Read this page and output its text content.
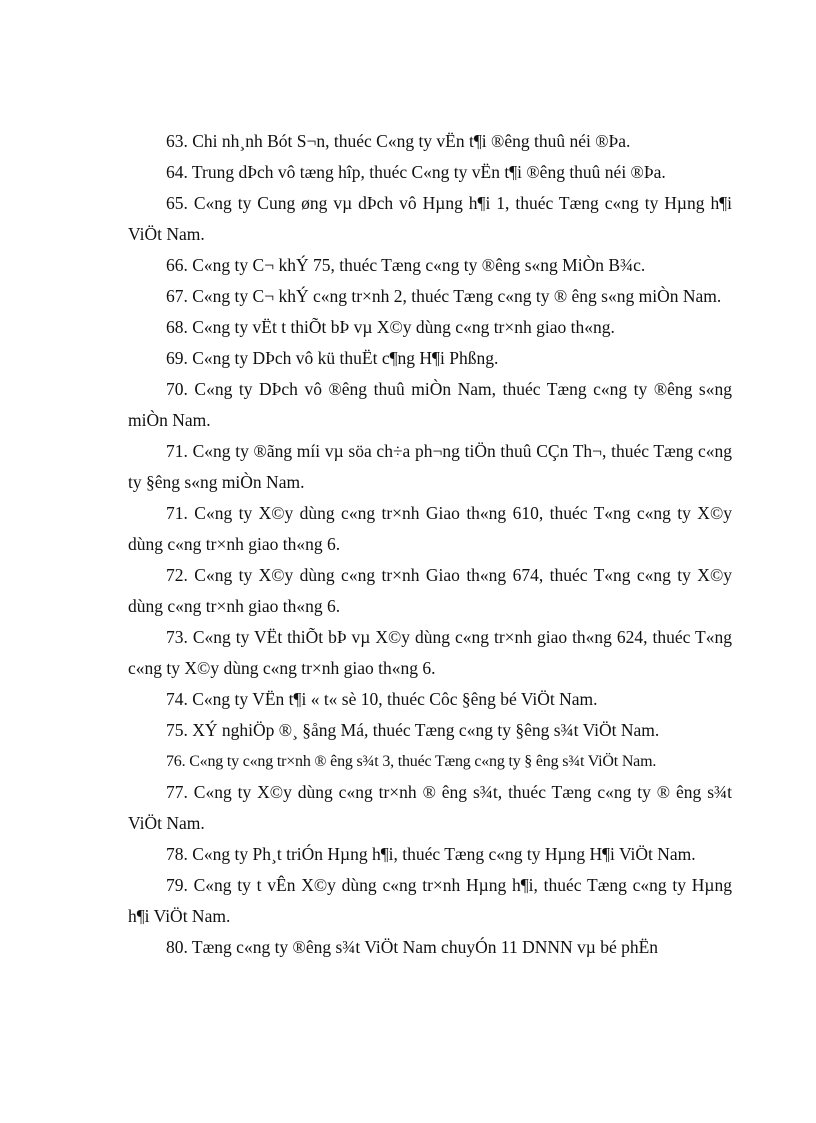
63. Chi nh¸nh Bót S¬n, thuéc C«ng ty vËn t¶i ®êng thuû néi ®Þa.

64. Trung dÞch vô tæng hîp, thuéc C«ng ty vËn t¶i ®êng thuû néi ®Þa.

65. C«ng ty Cung øng vµ dÞch vô Hµng h¶i 1, thuéc Tæng c«ng ty Hµng h¶i ViÖt Nam.

66. C«ng ty C¬ khÝ 75, thuéc Tæng c«ng ty ®êng s«ng MiÒn B¾c.

67. C«ng ty C¬ khÝ c«ng tr×nh 2, thuéc Tæng c«ng ty ® êng s«ng miÒn Nam.

68. C«ng ty vËt t thiÕt bÞ vµ X©y dùng c«ng tr×nh giao th«ng.

69. C«ng ty DÞch vô kü thuËt c¶ng H¶i Phßng.

70. C«ng ty DÞch vô ®êng thuû miÒn Nam, thuéc Tæng c«ng ty ®êng s«ng miÒn Nam.

71. C«ng ty ®ãng míi vµ söa ch÷a ph¬ng tiÖn thuû CÇn Th¬, thuéc Tæng c«ng ty §êng s«ng miÒn Nam.

71. C«ng ty X©y dùng c«ng tr×nh Giao th«ng 610, thuéc T«ng c«ng ty X©y dùng c«ng tr×nh giao th«ng 6.

72. C«ng ty X©y dùng c«ng tr×nh Giao th«ng 674, thuéc T«ng c«ng ty X©y dùng c«ng tr×nh giao th«ng 6.

73. C«ng ty VËt thiÕt bÞ vµ X©y dùng c«ng tr×nh giao th«ng 624, thuéc T«ng c«ng ty X©y dùng c«ng tr×nh giao th«ng 6.

74. C«ng ty VËn t¶i « t« sè 10, thuéc Côc §êng bé ViÖt Nam.

75. XÝ nghiÖp ®¸ §ång Má, thuéc Tæng c«ng ty §êng s¾t ViÖt Nam.

76. C«ng ty c«ng tr×nh ® êng s¾t 3, thuéc Tæng c«ng ty § êng s¾t ViÖt Nam.

77. C«ng ty X©y dùng c«ng tr×nh ® êng s¾t, thuéc Tæng c«ng ty ® êng s¾t ViÖt Nam.

78. C«ng ty Ph¸t triÓn Hµng h¶i, thuéc Tæng c«ng ty Hµng H¶i ViÖt Nam.

79. C«ng ty t vÊn X©y dùng c«ng tr×nh Hµng h¶i, thuéc Tæng c«ng ty Hµng h¶i ViÖt Nam.

80. Tæng c«ng ty ®êng s¾t ViÖt Nam chuyÓn 11 DNNN vµ bé phËn
